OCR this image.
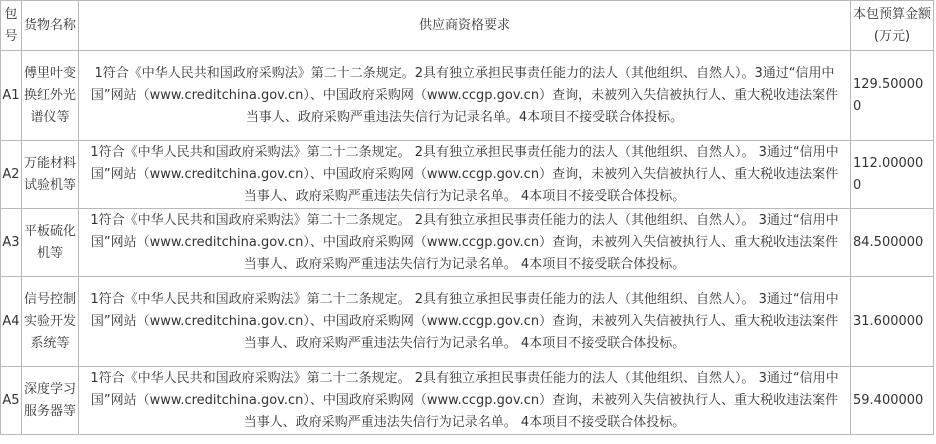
包号	货物名称	供应商资格要求	本包预算金额(万元)
A1	傅里叶变换红外光谱仪等	1符合《中华人民共和国政府采购法》第二十二条规定。2具有独立承担民事责任能力的法人（其他组织、自然人）。3通过“信用中国”网站（www.creditchina.gov.cn）、中国政府采购网（www.ccgp.gov.cn）查询，未被列入失信被执行人、重大税收违法案件当事人、政府采购严重违法失信行为记录名单。4本项目不接受联合体投标。	129.500000
A2	万能材料试验机等	1符合《中华人民共和国政府采购法》第二十二条规定。 2具有独立承担民事责任能力的法人（其他组织、自然人）。 3通过“信用中国”网站（www.creditchina.gov.cn）、中国政府采购网（www.ccgp.gov.cn）查询，未被列入失信被执行人、重大税收违法案件当事人、政府采购严重违法失信行为记录名单。 4本项目不接受联合体投标。	112.000000
A3	平板硫化机等	1符合《中华人民共和国政府采购法》第二十二条规定。 2具有独立承担民事责任能力的法人（其他组织、自然人）。 3通过“信用中国”网站（www.creditchina.gov.cn）、中国政府采购网（www.ccgp.gov.cn）查询，未被列入失信被执行人、重大税收违法案件当事人、政府采购严重违法失信行为记录名单。 4本项目不接受联合体投标。	84.500000
A4	信号控制实验开发系统等	1符合《中华人民共和国政府采购法》第二十二条规定。 2具有独立承担民事责任能力的法人（其他组织、自然人）。 3通过“信用中国”网站（www.creditchina.gov.cn）、中国政府采购网（www.ccgp.gov.cn）查询，未被列入失信被执行人、重大税收违法案件当事人、政府采购严重违法失信行为记录名单。 4本项目不接受联合体投标。	31.600000
A5	深度学习服务器等	1符合《中华人民共和国政府采购法》第二十二条规定。 2具有独立承担民事责任能力的法人（其他组织、自然人）。 3通过“信用中国”网站（www.creditchina.gov.cn）、中国政府采购网（www.ccgp.gov.cn）查询，未被列入失信被执行人、重大税收违法案件当事人、政府采购严重违法失信行为记录名单。 4本项目不接受联合体投标。	59.400000
